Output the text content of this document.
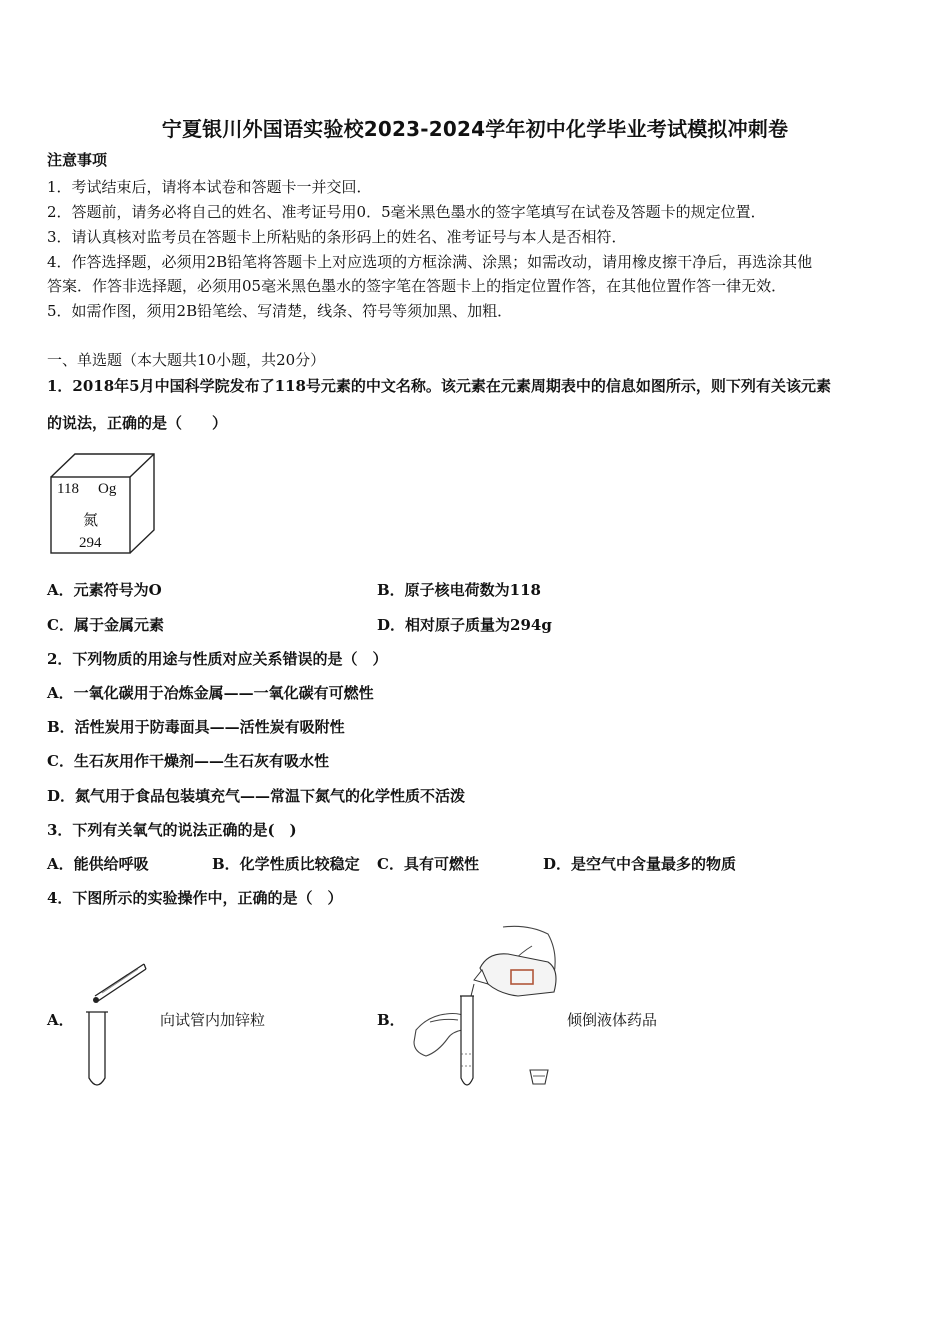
宁夏银川外国语实验校2023-2024学年初中化学毕业考试模拟冲刺卷
注意事项
1．考试结束后，请将本试卷和答题卡一并交回．
2．答题前，请务必将自己的姓名、准考证号用0．5毫米黑色墨水的签字笔填写在试卷及答题卡的规定位置．
3．请认真核对监考员在答题卡上所粘贴的条形码上的姓名、准考证号与本人是否相符．
4．作答选择题，必须用2B铅笔将答题卡上对应选项的方框涂满、涂黑；如需改动，请用橡皮擦干净后，再选涂其他
答案．作答非选择题，必须用05毫米黑色墨水的签字笔在答题卡上的指定位置作答，在其他位置作答一律无效．
5．如需作图，须用2B铅笔绘、写清楚，线条、符号等须加黑、加粗．
一、单选题（本大题共10小题，共20分）
1．2018年5月中国科学院发布了118号元素的中文名称。该元素在元素周期表中的信息如图所示，则下列有关该元素
的说法，正确的是（　　）
118 Og
氮
294
A．元素符号为O	B．原子核电荷数为118
C．属于金属元素	D．相对原子质量为294g
2．下列物质的用途与性质对应关系错误的是（　）
A．一氧化碳用于冶炼金属——一氧化碳有可燃性
B．活性炭用于防毒面具——活性炭有吸附性
C．生石灰用作干燥剂——生石灰有吸水性
D．氮气用于食品包装填充气——常温下氮气的化学性质不活泼
3．下列有关氧气的说法正确的是(　)
A．能供给呼吸	B．化学性质比较稳定 C．具有可燃性	D．是空气中含量最多的物质
4．下图所示的实验操作中，正确的是（　）
A．	向试管内加锌粒	B．	倾倒液体药品
